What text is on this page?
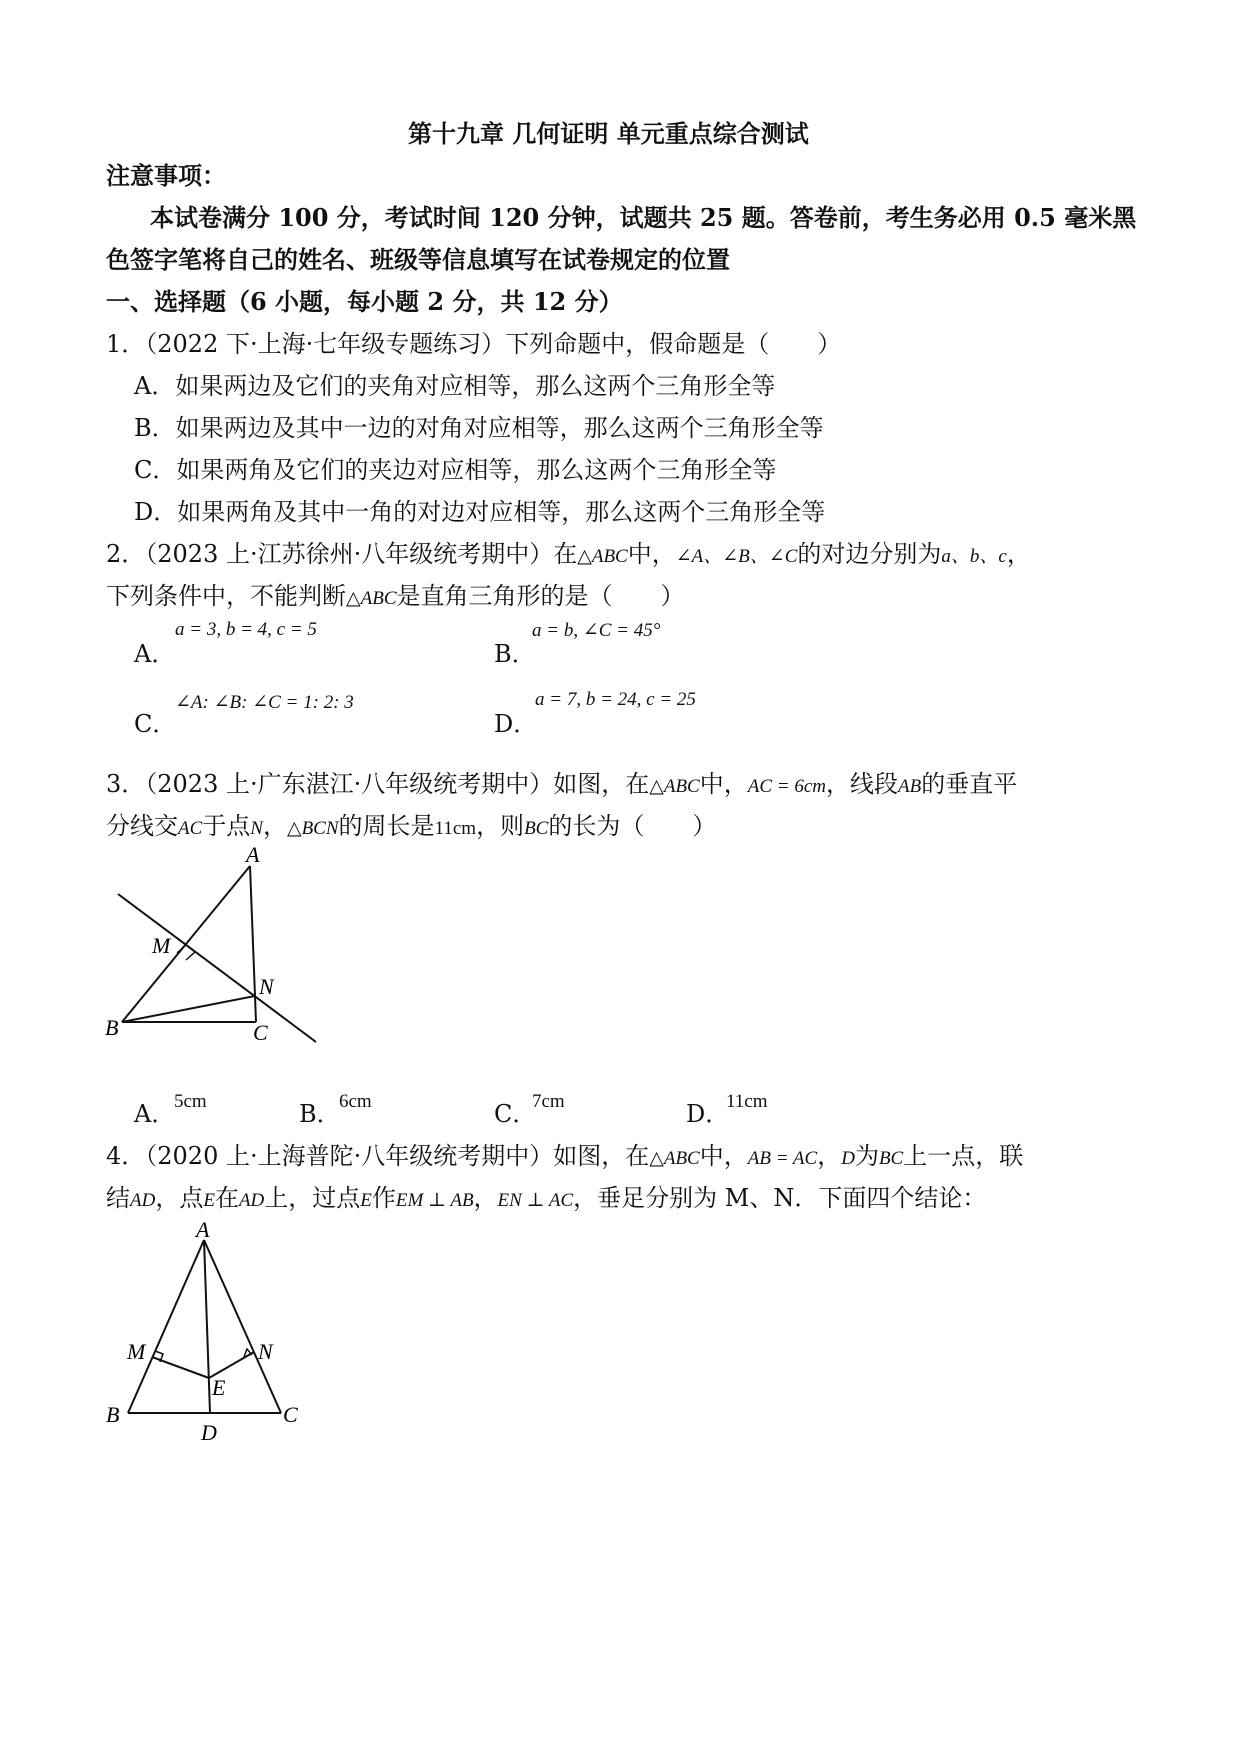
第十九章 几何证明 单元重点综合测试
注意事项：
本试卷满分 100 分，考试时间 120 分钟，试题共 25 题。答卷前，考生务必用 0.5 毫米黑
色签字笔将自己的姓名、班级等信息填写在试卷规定的位置
一、选择题（6 小题，每小题 2 分，共 12 分）
1．（2022 下·上海·七年级专题练习）下列命题中，假命题是（　　）
A．如果两边及它们的夹角对应相等，那么这两个三角形全等
B．如果两边及其中一边的对角对应相等，那么这两个三角形全等
C．如果两角及它们的夹边对应相等，那么这两个三角形全等
D．如果两角及其中一角的对边对应相等，那么这两个三角形全等
2．（2023 上·江苏徐州·八年级统考期中）在△ABC中，∠A、∠B、∠C的对边分别为a、b、c，
下列条件中，不能判断△ABC是直角三角形的是（　　）
A．
a = 3, b = 4, c = 5
B．
a = b, ∠C = 45°
C．
∠A: ∠B: ∠C = 1: 2: 3
D．
a = 7, b = 24, c = 25
3．（2023 上·广东湛江·八年级统考期中）如图，在△ABC中，AC = 6cm，线段AB的垂直平
分线交AC于点N，△BCN的周长是11cm，则BC的长为（　　）
A
M
N
B	C
A．
5cm	B．
6cm	C．
7cm	D．
11cm
4．（2020 上·上海普陀·八年级统考期中）如图，在△ABC中，AB = AC，D为BC上一点，联
结AD，点E在AD上，过点E作EM ⊥ AB，EN ⊥ AC，垂足分别为 M、N．下面四个结论：
A
M	N
E
B
D
C
